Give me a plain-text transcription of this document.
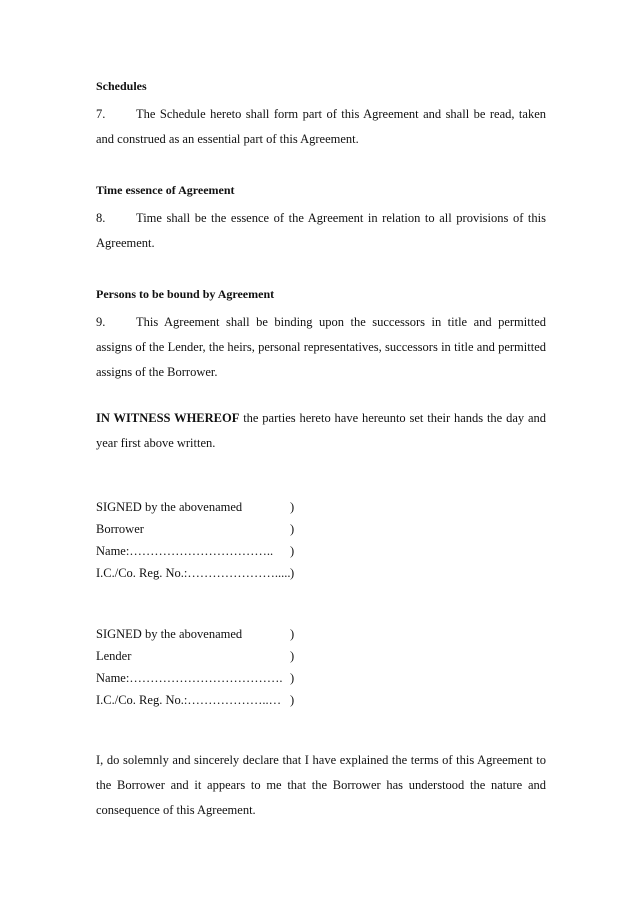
Schedules
7. The Schedule hereto shall form part of this Agreement and shall be read, taken and construed as an essential part of this Agreement.
Time essence of Agreement
8. Time shall be the essence of the Agreement in relation to all provisions of this Agreement.
Persons to be bound by Agreement
9. This Agreement shall be binding upon the successors in title and permitted assigns of the Lender, the heirs, personal representatives, successors in title and permitted assigns of the Borrower.
IN WITNESS WHEREOF the parties hereto have hereunto set their hands the day and year first above written.
SIGNED by the abovenamed	)
Borrower	)
Name:…………………………….. )
I.C./Co. Reg. No.:…………………..... )
SIGNED by the abovenamed	)
Lender	)
Name:………………………………. )
I.C./Co. Reg. No.:………………..… )
I, do solemnly and sincerely declare that I have explained the terms of this Agreement to the Borrower and it appears to me that the Borrower has understood the nature and consequence of this Agreement.
